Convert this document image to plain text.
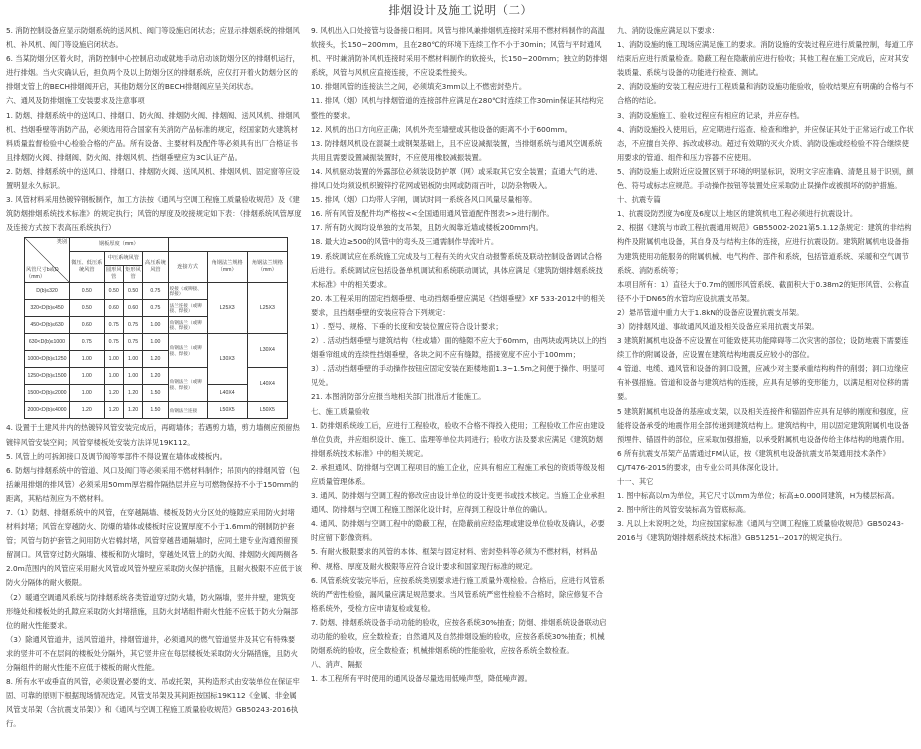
排烟设计及施工说明（二）

5. 消防控制设备应显示防烟系统的送风机、阀门等设施启闭状态；应显示排烟系统的排烟风机、补风机、阀门等设施启闭状态。

6. 当某防烟分区着火时，消防控制中心控制启动或就地手动启动该防烟分区的排烟机运行，进行排烟。当火灾确认后，担负两个及以上防烟分区的排烟系统，应仅打开着火防烟分区的排烟支管上的BECH排烟阀开启，其他防烟分区的BECH排烟阀应呈关闭状态。

六、通风及防排烟施工安装要求及注意事项

1. 防烟、排烟系统中的送风口、排烟口、防火阀、排烟防火阀、排烟阀、送风风机、排烟风机、挡烟垂壁等消防产品，必须选用符合国家有关消防产品标准的规定，经国家防火建筑材料质量监督检验中心检验合格的产品。所有设备、主要材料及配件等必须具有出厂合格证书且排烟防火阀、排烟阀、防火阀、排烟风机、挡烟垂壁应为3C认证产品。

2. 防烟、排烟系统中的送风口、排烟口、排烟防火阀、送风风机、排烟风机、固定窗等应设置明显永久标识。

3. 风管材料采用热镀锌钢板制作，加工方法按《通风与空调工程施工质量验收规范》及《建筑防烟排烟系统技术标准》的规定执行；风管的厚度及咬接规定如下表：（排烟系统风管厚度及连接方式按下表高压系统执行）

类别
风管尺寸b或D（mm）	钢板厚度（mm）						
	微压、低压系统风管	中压系统风管		高压系统风管	连接方式	角钢法兰规格（mm）	角钢法兰规格（mm）
		圆形风管	矩形风管				
D(b)≤320	0.50	0.50	0.50	0.75	咬接（或铆接、焊接）	L25X3	L25X3
320<D(b)≤450	0.50	0.60	0.60	0.75	法兰连接（或铆接、焊接）		
450<D(b)≤630	0.60	0.75	0.75	1.00	角钢法兰（或铆接、焊接）		
630<D(b)≤1000	0.75	0.75	0.75	1.00	角钢法兰（或铆接、焊接）	L30X3	L30X4
1000<D(b)≤1250	1.00	1.00	1.00	1.20			
1250<D(b)≤1500	1.00	1.00	1.00	1.20	角钢法兰（或铆接、焊接）		L40X4
1500<D(b)≤2000	1.00	1.20	1.20	1.50		L40X4	
2000<D(b)≤4000	1.20	1.20	1.20	1.50	角钢法兰连接	L50X5	L50X5

4. 设置于土建风井内的热镀锌风管安装完成后，再砌墙体；若遇剪力墙，剪力墙侧应预留热镀锌风管安装空间；风管穿楼板处安装方法详见19K112。

5. 风管上的可拆卸接口及调节阀等零部件不得设置在墙体或楼板内。

6. 防烟与排烟系统中的管道、风口及阀门等必须采用不燃材料制作；吊顶内的排烟风管（包括兼用排烟的排风管）必须采用50mm厚岩棉作隔热层并应与可燃物保持不小于150mm的距离，其粘结剂应为不燃材料。

7.（1）防烟、排烟系统中的风管，在穿越隔墙、楼板及防火分区处的缝隙应采用防火封堵材料封堵；风管在穿越防火、防爆的墙体或楼板时应设置厚度不小于1.6mm的钢制防护套管；风管与防护套管之间用防火岩棉封堵，风管穿越普通隔墙时，应同土建专业沟通预留预留洞口。风管穿过防火隔墙、楼板和防火墙时，穿越处风管上的防火阀、排烟防火阀两侧各2.0m范围内的风管应采用耐火风管或风管外壁应采取防火保护措施，且耐火极限不应低于该防火分隔体的耐火极限。

（2）暖通空调通风系统与防排烟系统各类管道穿过防火墙，防火隔墙，竖井井壁，建筑变形缝处和楼板处的孔隙应采取防火封堵措施，且防火封堵组件耐火性能不应低于防火分隔部位的耐火性能要求。

（3）除通风管道井，送风管道井，排烟管道井，必须通风的燃气管道竖井及其它有特殊要求的竖井可不在层间的楼板处分隔外，其它竖井应在每层楼板处采取防火分隔措施，且防火分隔组件的耐火性能不应低于楼板的耐火性能。

8. 所有水平或垂直的风管，必须设置必要的支、吊或托架，其构造形式由安装单位在保证牢固、可靠的原则下根据现场情况选定。风管支吊架及其间距按国标19K112《金属、非金属风管支吊架（含抗震支吊架）》和《通风与空调工程施工质量验收规范》GB50243-2016执行。

9. 风机出入口处接管与设备接口相同。风管与排风兼排烟机连接时采用不燃材料制作的高温软接头，长150~200mm，且在280℃的环境下连续工作不小于30min；风管与平时通风机、平时兼消防补风机连接时采用不燃材料制作的软接头，长150~200mm；独立的防排烟系统，风管与风机应直接连接，不应设柔性接头。

10. 排烟风管的连接法兰之间，必须填充3mm以上不燃密封垫片。

11. 排风（烟）风机与排烟管道的连接部件应满足在280℃时连续工作30min保证其结构完整性的要求。

12. 风机的出口方向应正确；风机外壳至墙壁或其他设备的距离不小于600mm。

13. 防排烟风机设在混凝土或钢架基础上，且不应设减振装置，当排烟系统与通风空调系统共用且需要设置减振装置时，不应使用橡胶减振装置。

14. 风机驱动装置的外露部位必须装设防护罩（网）或采取其它安全装置；直通大气的进、排风口处均须设机织镀锌拧花网或铝板防虫网或防雨百叶，以防杂物吸入。

15. 排风（烟）口均带人字闸，调试时同一系统各风口风量尽量相等。

16. 所有风管及配件均严格按<<全国通用通风管道配件图表>>进行制作。

17. 所有防火阀均设单独的支吊架，且防火阀靠近墙或楼板200mm内。

18. 最大边≥500的风管中的弯头及三通需制作导流叶片。

19. 系统调试应在系统施工完成及与工程有关的火灾自动报警系统及联动控制设备调试合格后进行。系统调试应包括设备单机调试和系统联动调试，具体应满足《建筑防烟排烟系统技术标准》中的相关要求。

20. 本工程采用的固定挡烟垂壁、电动挡烟垂壁应满足《挡烟垂壁》XF 533-2012中的相关要求，且挡烟垂壁的安装应符合下列规定：

1）. 型号、规格、下垂的长度和安装位置应符合设计要求；

2）. 活动挡烟垂壁与建筑结构（柱或墙）面的缝隙不应大于60mm，由两块或两块以上的挡烟垂帘组成的连续性挡烟垂壁，各块之间不应有缝隙，搭接宽度不应小于100mm；

3）. 活动挡烟垂壁的手动操作按钮应固定安装在距楼地面1.3~1.5m之间便于操作、明显可见处。

21. 本图消防部分应报当地相关部门批准后才能施工。

七、施工质量验收

1. 防排烟系统竣工后，应进行工程验收，验收不合格不得投入使用；工程验收工作应由建设单位负责，并应组织设计、施工、监理等单位共同进行；验收方法及要求应满足《建筑防烟排烟系统技术标准》中的相关规定。

2. 承担通风、防排烟与空调工程项目的施工企业，应具有相应工程施工承包的资质等级及相应质量管理体系。

3. 通风、防排烟与空调工程的修改应由设计单位的设计变更书或技术核定。当施工企业承担通风、防排烟与空调工程施工图深化设计时，应得到工程设计单位的确认。

4. 通风、防排烟与空调工程中的隐蔽工程，在隐蔽前应经监理或建设单位验收及确认，必要时应留下影像资料。

5. 有耐火极限要求的风管的本体、框架与固定材料、密封垫料等必须为不燃材料，材料品种、规格、厚度及耐火极限等应符合设计要求和国家现行标准的规定。

6. 风管系统安装完毕后，应按系统类别要求进行施工质量外观检验。合格后，应进行风管系统的严密性检验，漏风量应满足规范要求。当风管系统严密性检验不合格时，除应修复不合格系统外，受检方应申请复检或复检。

7. 防烟、排烟系统设备手动功能的验收，应按各系统30%抽查；防烟、排烟系统设备联动启动功能的验收，应全数检查；自然通风及自然排烟设施的验收，应按各系统30%抽查；机械防烟系统的验收，应全数检查；机械排烟系统的性能验收，应按各系统全数检查。

八、消声、隔振

1. 本工程所有平时使用的通风设备尽量选用低噪声型，降低噪声源。

九、消防设施应满足以下要求：

1、消防设施的施工现场应满足施工的要求。消防设施的安装过程应进行质量控制，每道工序结束后应进行质量检查。隐蔽工程在隐蔽前应进行验收；其他工程在施工完成后，应对其安装质量、系统与设备的功能进行检查、测试。

2、消防设施的安装工程应进行工程质量和消防设施功能验收，验收结果应有明确的合格与不合格的结论。

3、消防设施施工、验收过程应有相应的记录，并应存档。

4、消防设施投入使用后，应定期进行巡查、检查和维护，并应保证其处于正常运行或工作状态，不应擅自关停、拆改或移动。超过有效期的灭火介质、消防设施或经检验不符合继续使用要求的管道、组件和压力容器不应使用。

5、消防设施上或附近应设置区别于环境的明显标识，说明文字应准确、清楚且易于识别，颜色、符号或标志应规范。手动操作按钮等装置处应采取防止误操作或被损坏的防护措施。

十、抗震专篇

1、抗震设防烈度为6度及6度以上地区的建筑机电工程必须进行抗震设计。

2、根据《建筑与市政工程抗震通用规范》GB55002-2021第5.1.12条规定：建筑的非结构构件及附属机电设备，其自身及与结构主体的连接，应进行抗震设防。建筑附属机电设备指为建筑使用功能服务的附属机械、电气构件、部件和系统，包括管道系统、采暖和空气调节系统、消防系统等；

本项目所有：1）直径大于0.7m的圆形风管系统、截面积大于0.38m2的矩形风管、公称直径不小于DN65的水管均应设抗震支吊架。

2）悬吊管道中重力大于1.8kN的设备应设置抗震支吊架。

3）防排烟风道、事故通风风道及相关设备应采用抗震支吊架。

3 建筑附属机电设备不应设置在可能致使其功能障碍等二次灾害的部位；设防地震下需要连续工作的附属设备，应设置在建筑结构地震反应较小的部位。

4 管道、电缆、通风管和设备的洞口设置，应减少对主要承重结构构件的削弱；洞口边缘应有补强措施。管道和设备与建筑结构的连接，应具有足够的变形能力，以满足相对位移的需要。

5 建筑附属机电设备的基座或支架，以及相关连接件和锚固件应具有足够的刚度和强度，应能将设备承受的地震作用全部传递到建筑结构上。建筑结构中，用以固定建筑附属机电设备预埋件、锚固件的部位，应采取加强措施，以承受附属机电设备传给主体结构的地震作用。

6 所有抗震支吊架产品需通过FM认证，按《建筑机电设备抗震支吊架通用技术条件》CJ/T476-2015的要求，由专业公司具体深化设计。

十一、其它

1. 图中标高以m为单位，其它尺寸以mm为单位；标高±0.000同建筑，H为楼层标高。

2. 图中所注的风管安装标高为管底标高。

3. 凡以上未说明之处，均应按国家标准《通风与空调工程施工质量验收规范》GB50243-2016与《建筑防烟排烟系统技术标准》GB51251--2017的规定执行。
